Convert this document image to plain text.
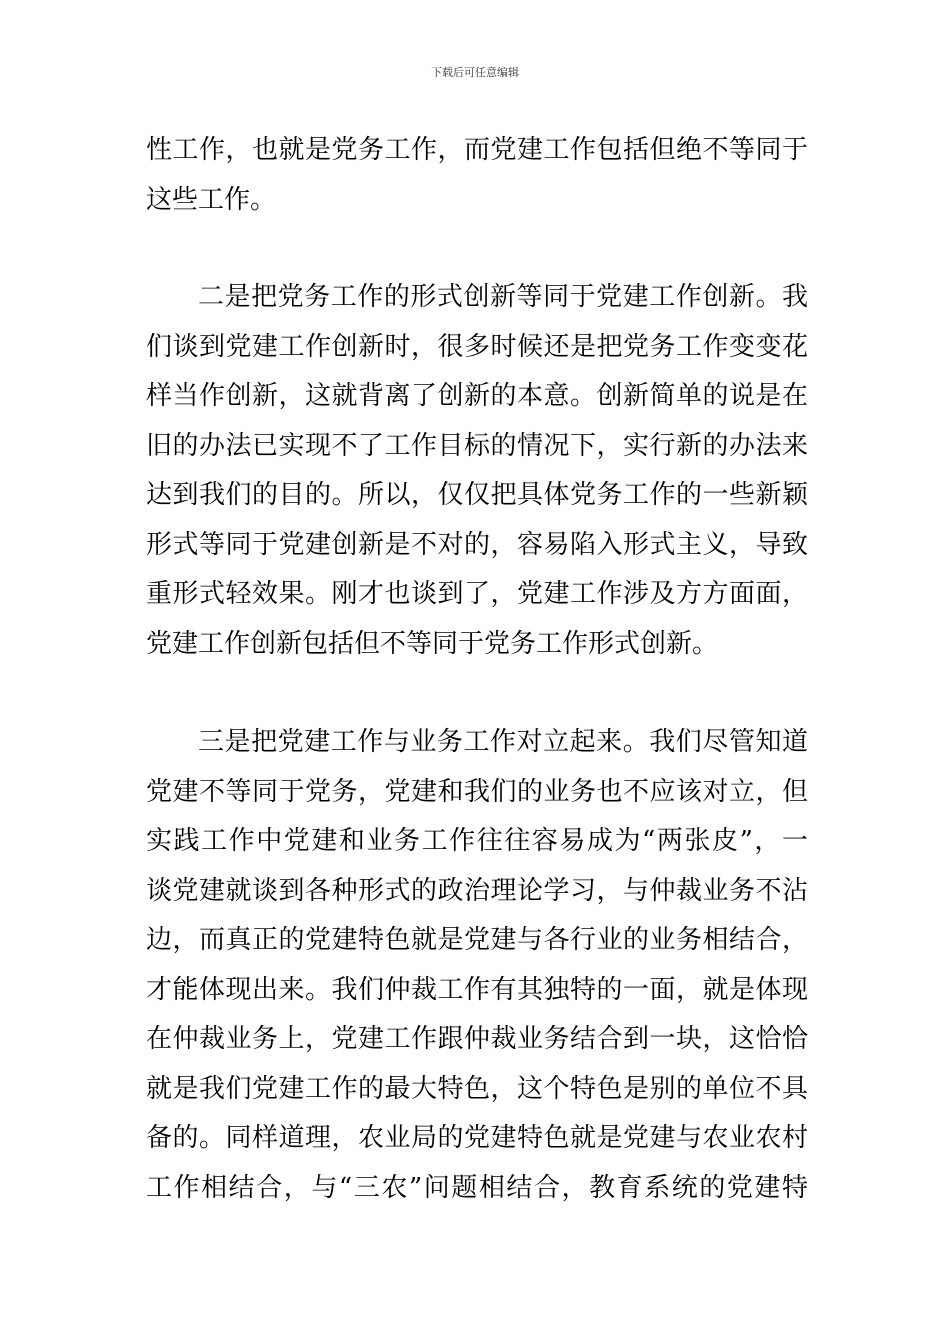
下载后可任意编辑
性工作，也就是党务工作，而党建工作包括但绝不等同于
这些工作。
二是把党务工作的形式创新等同于党建工作创新。我
们谈到党建工作创新时，很多时候还是把党务工作变变花
样当作创新，这就背离了创新的本意。创新简单的说是在
旧的办法已实现不了工作目标的情况下，实行新的办法来
达到我们的目的。所以，仅仅把具体党务工作的一些新颖
形式等同于党建创新是不对的，容易陷入形式主义，导致
重形式轻效果。刚才也谈到了，党建工作涉及方方面面，
党建工作创新包括但不等同于党务工作形式创新。
三是把党建工作与业务工作对立起来。我们尽管知道
党建不等同于党务，党建和我们的业务也不应该对立，但
实践工作中党建和业务工作往往容易成为“两张皮”，一
谈党建就谈到各种形式的政治理论学习，与仲裁业务不沾
边，而真正的党建特色就是党建与各行业的业务相结合，
才能体现出来。我们仲裁工作有其独特的一面，就是体现
在仲裁业务上，党建工作跟仲裁业务结合到一块，这恰恰
就是我们党建工作的最大特色，这个特色是别的单位不具
备的。同样道理，农业局的党建特色就是党建与农业农村
工作相结合，与“三农”问题相结合，教育系统的党建特
